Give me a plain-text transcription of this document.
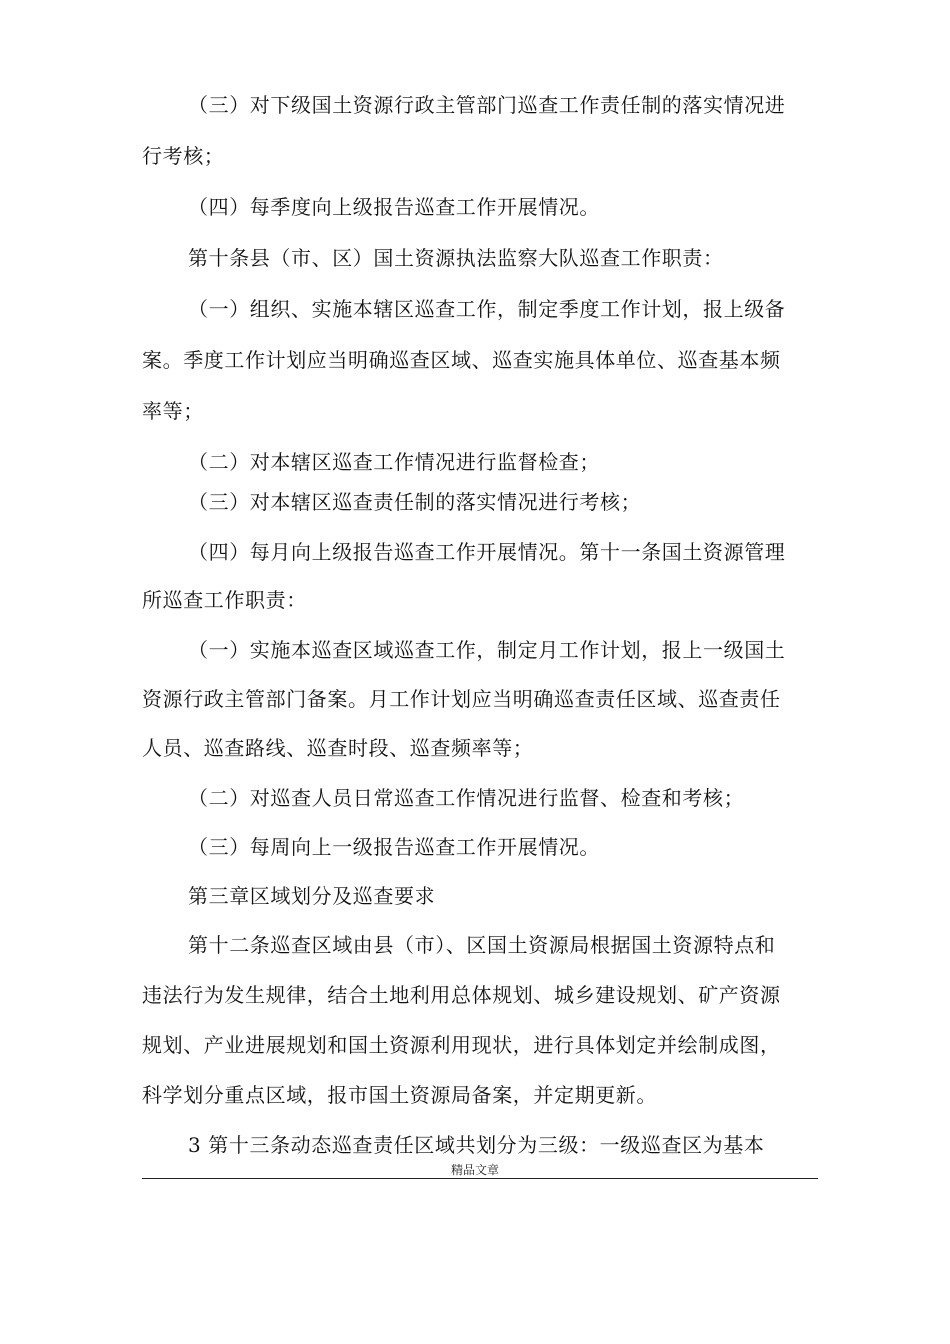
（三）对下级国土资源行政主管部门巡查工作责任制的落实情况进
行考核；
（四）每季度向上级报告巡查工作开展情况。
第十条县（市、区）国土资源执法监察大队巡查工作职责：
（一）组织、实施本辖区巡查工作，制定季度工作计划，报上级备
案。季度工作计划应当明确巡查区域、巡查实施具体单位、巡查基本频
率等；
（二）对本辖区巡查工作情况进行监督检查；
（三）对本辖区巡查责任制的落实情况进行考核；
（四）每月向上级报告巡查工作开展情况。第十一条国土资源管理
所巡查工作职责：
（一）实施本巡查区域巡查工作，制定月工作计划，报上一级国土
资源行政主管部门备案。月工作计划应当明确巡查责任区域、巡查责任
人员、巡查路线、巡查时段、巡查频率等；
（二）对巡查人员日常巡查工作情况进行监督、检查和考核；
（三）每周向上一级报告巡查工作开展情况。
第三章区域划分及巡查要求
第十二条巡查区域由县（市）、区国土资源局根据国土资源特点和
违法行为发生规律，结合土地利用总体规划、城乡建设规划、矿产资源
规划、产业进展规划和国土资源利用现状，进行具体划定并绘制成图，
科学划分重点区域，报市国土资源局备案，并定期更新。
3 第十三条动态巡查责任区域共划分为三级：一级巡查区为基本
精品文章
